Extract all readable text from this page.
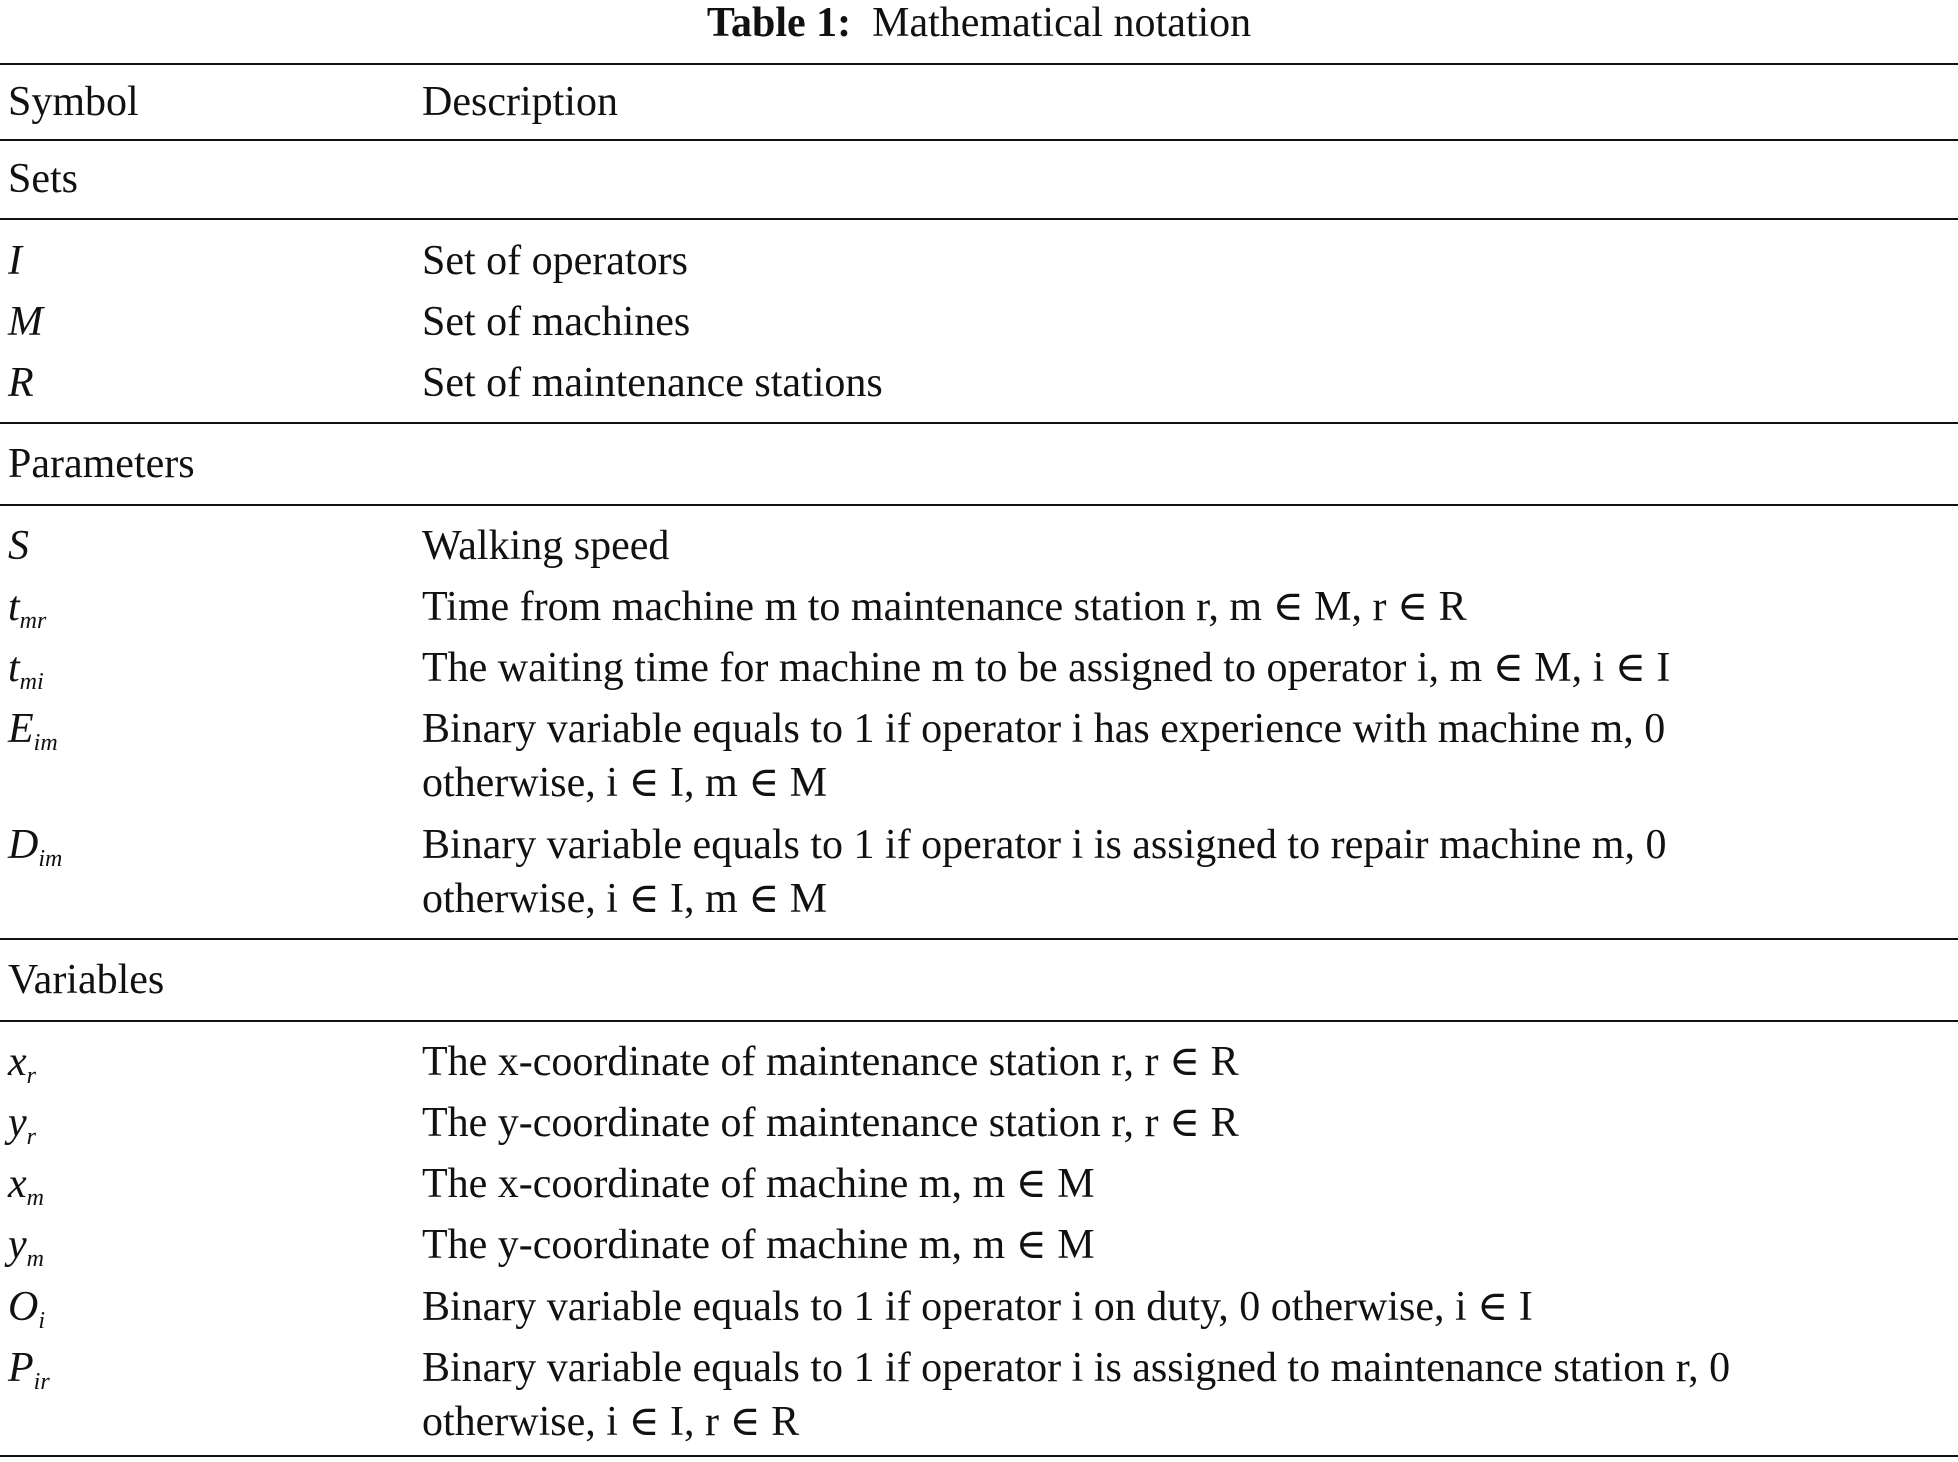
Table 1: Mathematical notation
Symbol	Description
Sets
I	Set of operators
M	Set of machines
R	Set of maintenance stations
Parameters
S	Walking speed
$t_{mr}$	Time from machine m to maintenance station r, m ∈ M, r ∈ R
$t_{mi}$	The waiting time for machine m to be assigned to operator i, m ∈ M, i ∈ I
$E_{im}$	Binary variable equals to 1 if operator i has experience with machine m, 0
otherwise, i ∈ I, m ∈ M
$D_{im}$	Binary variable equals to 1 if operator i is assigned to repair machine m, 0
otherwise, i ∈ I, m ∈ M
Variables
$x_r$	The x-coordinate of maintenance station r, r ∈ R
$y_r$	The y-coordinate of maintenance station r, r ∈ R
$x_m$	The x-coordinate of machine m, m ∈ M
$y_m$	The y-coordinate of machine m, m ∈ M
$O_i$	Binary variable equals to 1 if operator i on duty, 0 otherwise, i ∈ I
$P_{ir}$	Binary variable equals to 1 if operator i is assigned to maintenance station r, 0
otherwise, i ∈ I, r ∈ R
